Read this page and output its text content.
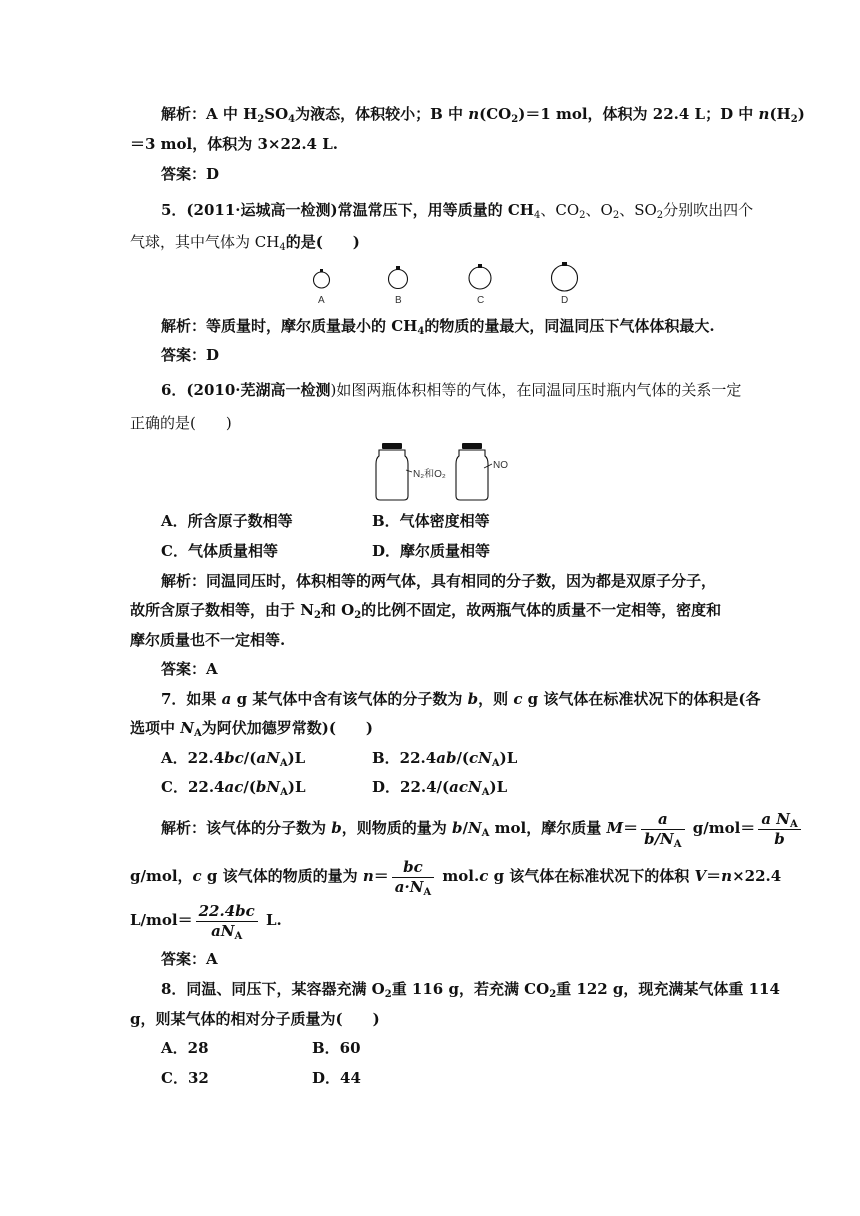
解析：A 中 $H_2SO_4$为液态，体积较小；B 中 $n(CO_2)=1$ mol，体积为 22.4 L；D 中 $n(H_2)$
＝3 mol，体积为 3×22.4 L.
答案：D
5．(2011·运城高一检测)常温常压下，用等质量的 $CH_4$、$CO_2$、$O_2$、$SO_2$分别吹出四个
气球，其中气体为 $CH_4$的是(　　)
A	B	C	D
解析：等质量时，摩尔质量最小的 $CH_4$的物质的量最大，同温同压下气体体积最大.
答案：D
6．(2010·芜湖高一检测)如图两瓶体积相等的气体，在同温同压时瓶内气体的关系一定
正确的是(　　)
N₂和O₂
NO
A．所含原子数相等	B．气体密度相等
C．气体质量相等	D．摩尔质量相等
解析：同温同压时，体积相等的两气体，具有相同的分子数，因为都是双原子分子，
故所含原子数相等，由于 $N_2$和 $O_2$的比例不固定，故两瓶气体的质量不一定相等，密度和
摩尔质量也不一定相等.
答案：A
7．如果 a g 某气体中含有该气体的分子数为 b，则 c g 该气体在标准状况下的体积是(各
选项中 $N_A$为阿伏加德罗常数)(　　)
A．$22.4bc/(aN_A)L$	B．$22.4ab/(cN_A)L$
C．$22.4ac/(bN_A)L$	D．22.4/(acN$_A$)L
解析：该气体的分子数为 b，则物质的量为 $b/N_A$ mol，摩尔质量 $M= \frac{a}{b/N_A} g/mol= \frac{a N_A}{b}$
g/mol，c g 该气体的物质的量为 $n= \frac{bc}{a\cdot N_A} mol.c$ g 该气体在标准状况下的体积 V＝n×22.4
$L/mol= \frac{22.4bc}{aN_A} L$.
答案：A
8．同温、同压下，某容器充满 $O_2$重 116 g，若充满 $CO_2$重 122 g，现充满某气体重 114
g，则某气体的相对分子质量为(　　)
A．28	B．60
C．32	D．44
